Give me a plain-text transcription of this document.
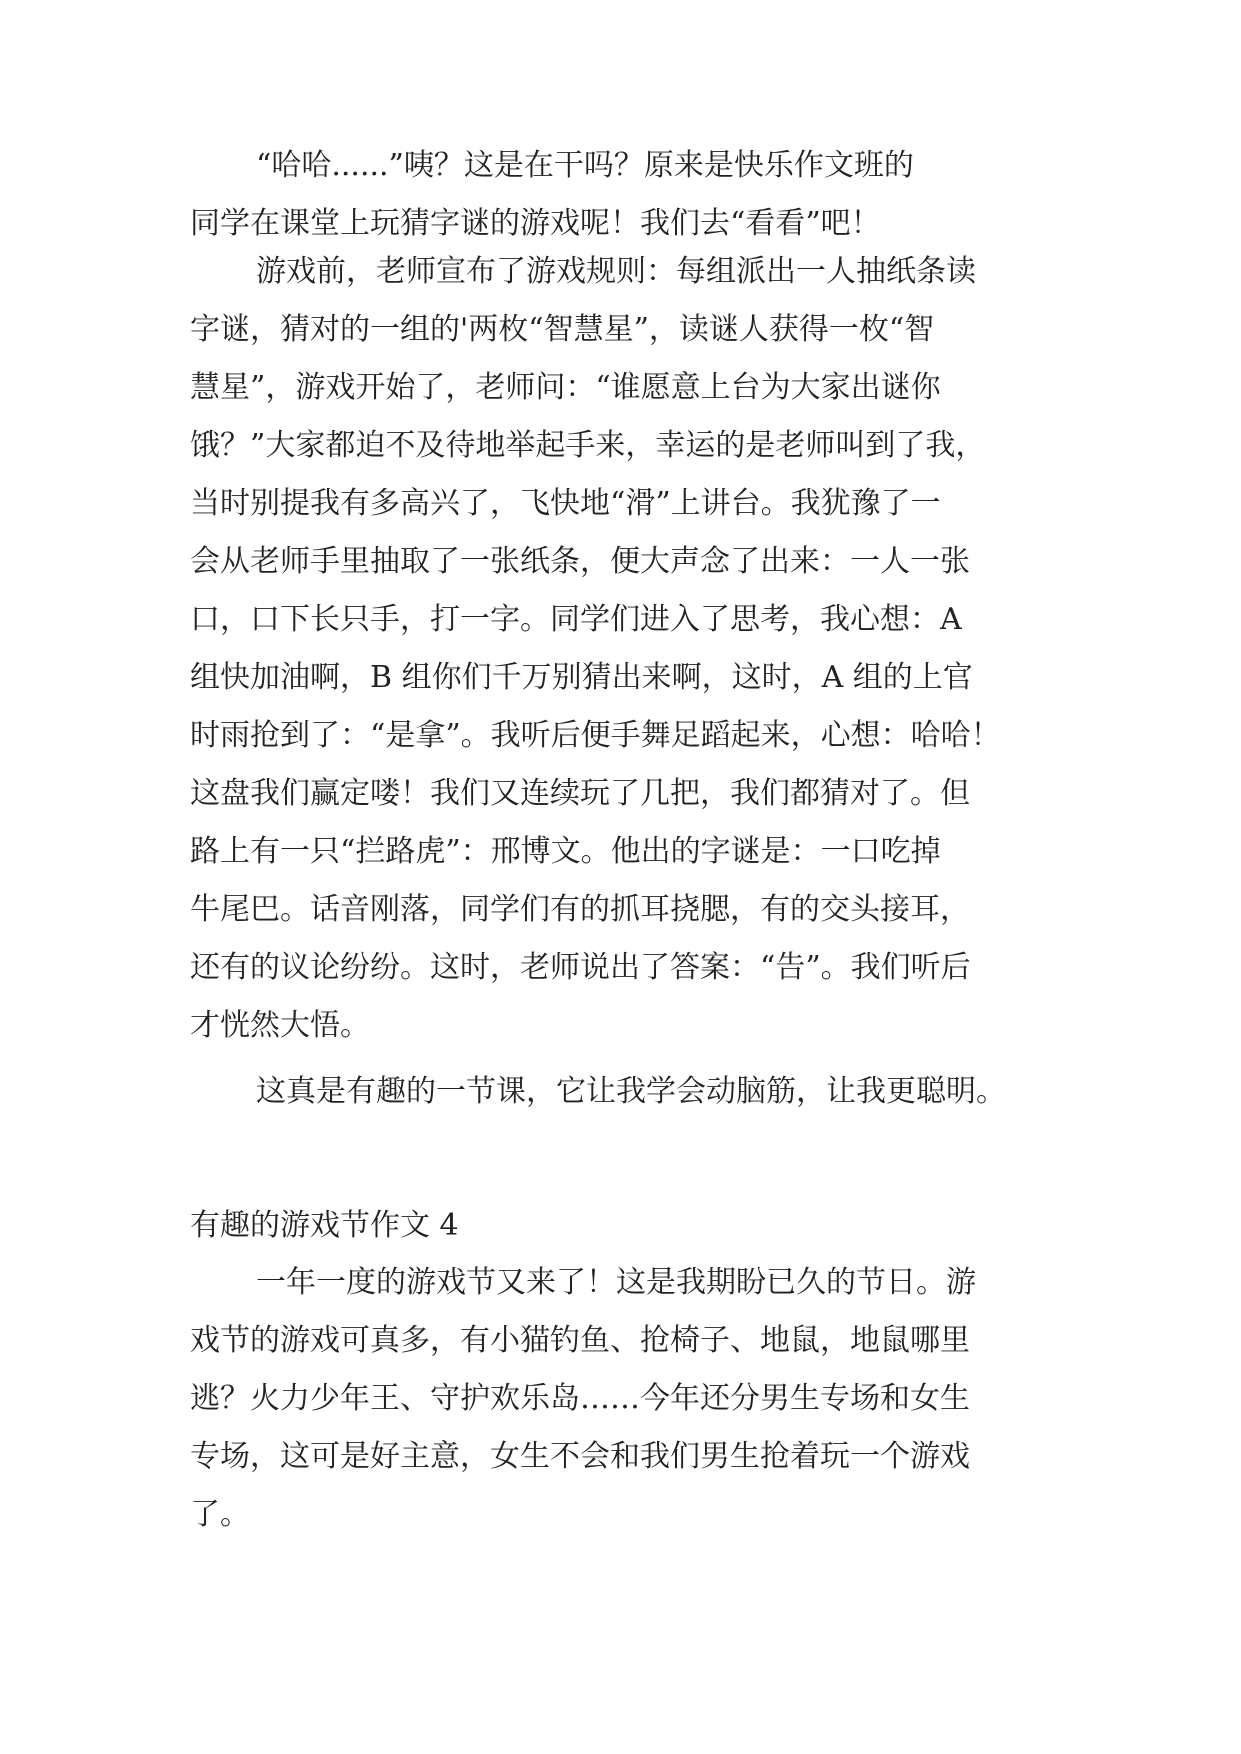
“哈哈......”咦？这是在干吗？原来是快乐作文班的
同学在课堂上玩猜字谜的游戏呢！我们去“看看”吧！
游戏前，老师宣布了游戏规则：每组派出一人抽纸条读
字谜，猜对的一组的'两枚“智慧星”，读谜人获得一枚“智
慧星”，游戏开始了，老师问：“谁愿意上台为大家出谜你
饿？”大家都迫不及待地举起手来，幸运的是老师叫到了我，
当时别提我有多高兴了，飞快地“滑”上讲台。我犹豫了一
会从老师手里抽取了一张纸条，便大声念了出来：一人一张
口，口下长只手，打一字。同学们进入了思考，我心想：A
组快加油啊，B 组你们千万别猜出来啊，这时，A 组的上官
时雨抢到了：“是拿”。我听后便手舞足蹈起来，心想：哈哈！
这盘我们赢定喽！我们又连续玩了几把，我们都猜对了。但
路上有一只“拦路虎”：邢博文。他出的字谜是：一口吃掉
牛尾巴。话音刚落，同学们有的抓耳挠腮，有的交头接耳，
还有的议论纷纷。这时，老师说出了答案：“告”。我们听后
才恍然大悟。
这真是有趣的一节课，它让我学会动脑筋，让我更聪明。
有趣的游戏节作文 4
一年一度的游戏节又来了！这是我期盼已久的节日。游
戏节的游戏可真多，有小猫钓鱼、抢椅子、地鼠，地鼠哪里
逃？火力少年王、守护欢乐岛……今年还分男生专场和女生
专场，这可是好主意，女生不会和我们男生抢着玩一个游戏
了。
